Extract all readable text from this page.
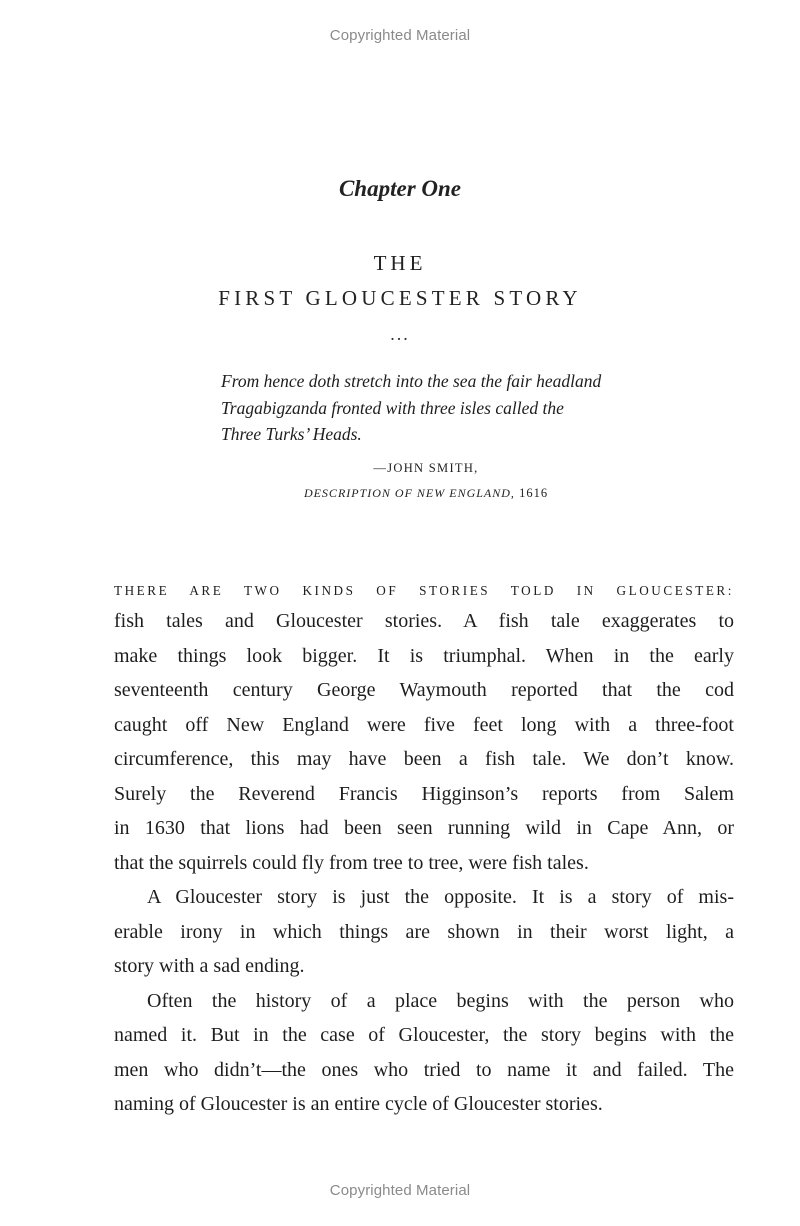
Copyrighted Material
Chapter One
THE
FIRST GLOUCESTER STORY
...
From hence doth stretch into the sea the fair headland
Tragabigzanda fronted with three isles called the
Three Turks’ Heads.
—JOHN SMITH,
DESCRIPTION OF NEW ENGLAND, 1616
THERE ARE TWO KINDS OF STORIES TOLD IN GLOUCESTER:
fish tales and Gloucester stories. A fish tale exaggerates to
make things look bigger. It is triumphal. When in the early
seventeenth century George Waymouth reported that the cod
caught off New England were five feet long with a three-foot
circumference, this may have been a fish tale. We don’t know.
Surely the Reverend Francis Higginson’s reports from Salem
in 1630 that lions had been seen running wild in Cape Ann, or
that the squirrels could fly from tree to tree, were fish tales.
A Gloucester story is just the opposite. It is a story of mis-
erable irony in which things are shown in their worst light, a
story with a sad ending.
Often the history of a place begins with the person who
named it. But in the case of Gloucester, the story begins with the
men who didn’t—the ones who tried to name it and failed. The
naming of Gloucester is an entire cycle of Gloucester stories.
Copyrighted Material
